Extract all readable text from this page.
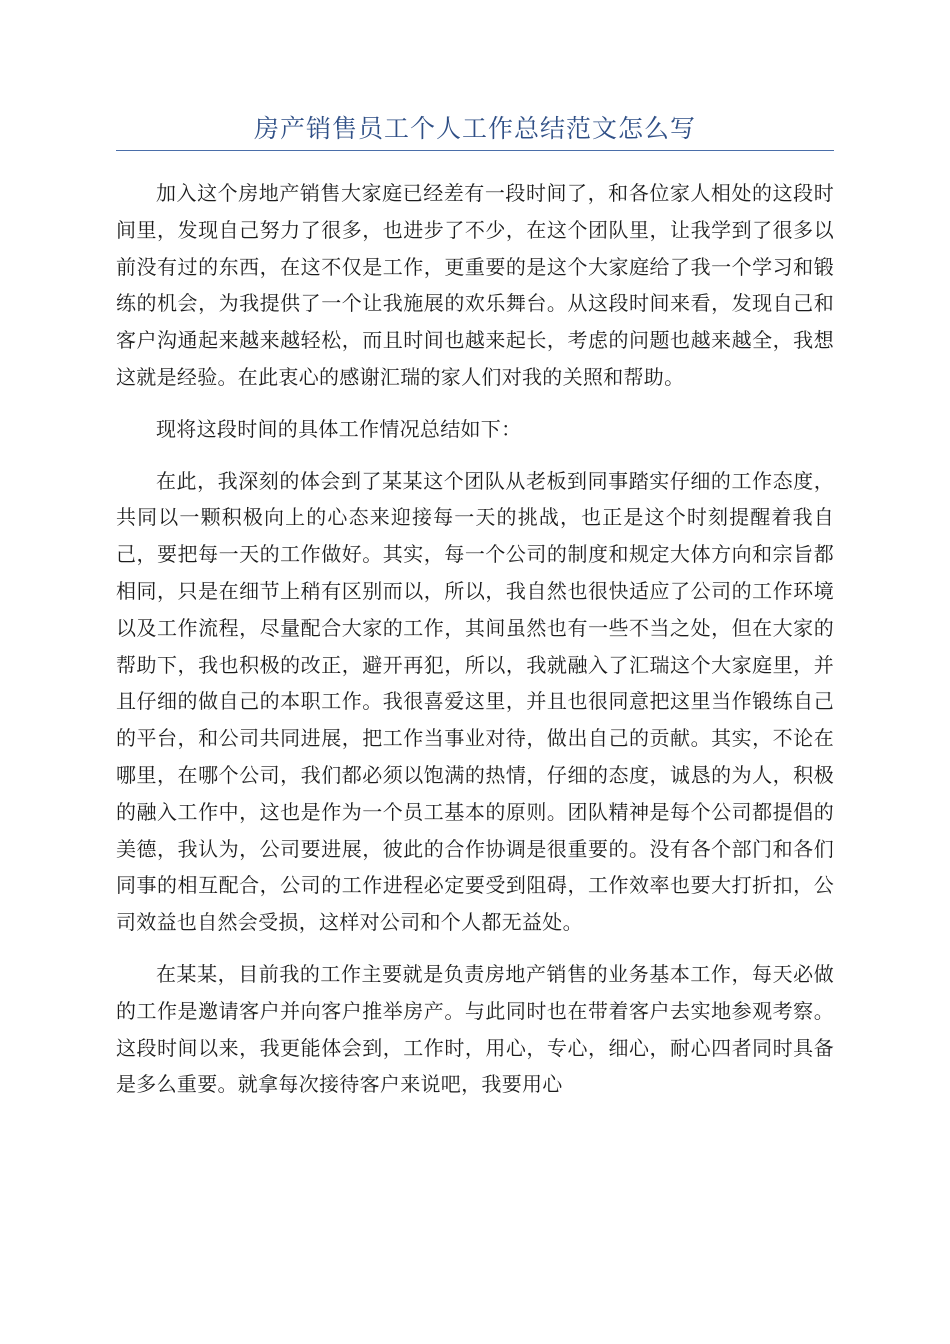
房产销售员工个人工作总结范文怎么写

加入这个房地产销售大家庭已经差有一段时间了，和各位家人相处的这段时间里，发现自己努力了很多，也进步了不少，在这个团队里，让我学到了很多以前没有过的东西，在这不仅是工作，更重要的是这个大家庭给了我一个学习和锻练的机会，为我提供了一个让我施展的欢乐舞台。从这段时间来看，发现自己和客户沟通起来越来越轻松，而且时间也越来起长，考虑的问题也越来越全，我想这就是经验。在此衷心的感谢汇瑞的家人们对我的关照和帮助。

现将这段时间的具体工作情况总结如下：

在此，我深刻的体会到了某某这个团队从老板到同事踏实仔细的工作态度，共同以一颗积极向上的心态来迎接每一天的挑战，也正是这个时刻提醒着我自己，要把每一天的工作做好。其实，每一个公司的制度和规定大体方向和宗旨都相同，只是在细节上稍有区别而以，所以，我自然也很快适应了公司的工作环境以及工作流程，尽量配合大家的工作，其间虽然也有一些不当之处，但在大家的帮助下，我也积极的改正，避开再犯，所以，我就融入了汇瑞这个大家庭里，并且仔细的做自己的本职工作。我很喜爱这里，并且也很同意把这里当作锻练自己的平台，和公司共同进展，把工作当事业对待，做出自己的贡献。其实，不论在哪里，在哪个公司，我们都必须以饱满的热情，仔细的态度，诚恳的为人，积极的融入工作中，这也是作为一个员工基本的原则。团队精神是每个公司都提倡的美德，我认为，公司要进展，彼此的合作协调是很重要的。没有各个部门和各们同事的相互配合，公司的工作进程必定要受到阻碍，工作效率也要大打折扣，公司效益也自然会受损，这样对公司和个人都无益处。

在某某，目前我的工作主要就是负责房地产销售的业务基本工作，每天必做的工作是邀请客户并向客户推举房产。与此同时也在带着客户去实地参观考察。这段时间以来，我更能体会到，工作时，用心，专心，细心，耐心四者同时具备是多么重要。就拿每次接待客户来说吧，我要用心
